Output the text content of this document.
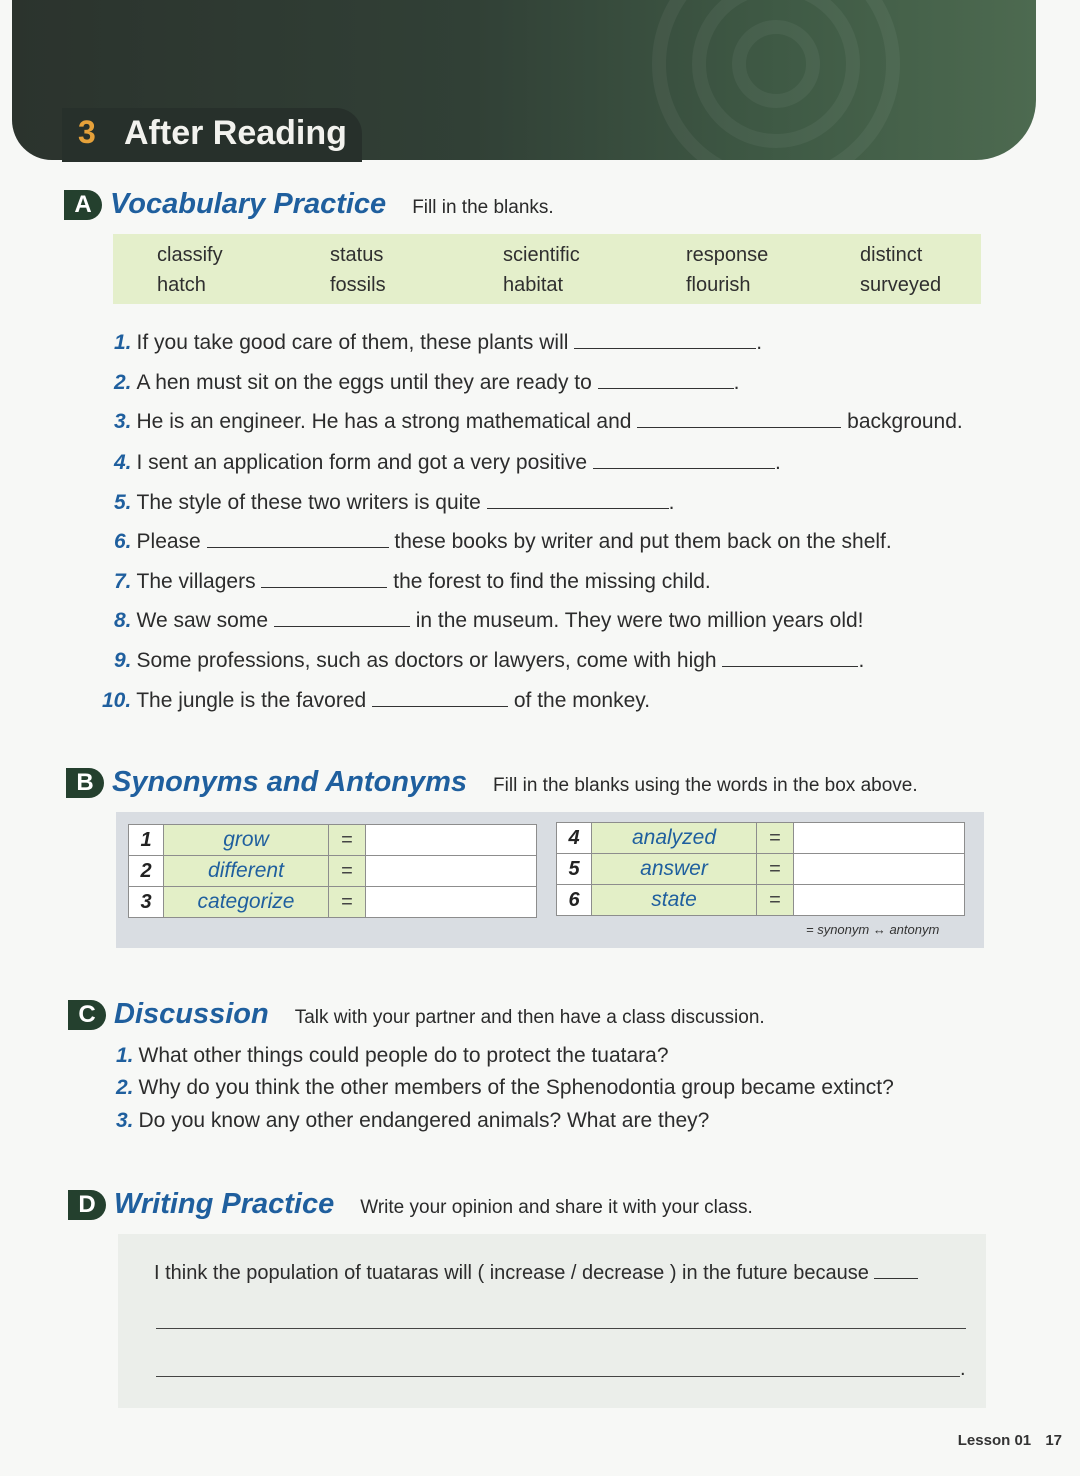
3 After Reading
A Vocabulary Practice Fill in the blanks.
classify	status	scientific	response	distinct
hatch	fossils	habitat	flourish	surveyed
1. If you take good care of them, these plants will	.
2. A hen must sit on the eggs until they are ready to	.
3. He is an engineer. He has a strong mathematical and	background.
4. I sent an application form and got a very positive	.
5. The style of these two writers is quite	.
6. Please	these books by writer and put them back on the shelf.
7. The villagers	the forest to find the missing child.
8. We saw some	in the museum. They were two million years old!
9. Some professions, such as doctors or lawyers, come with high	.
10. The jungle is the favored	of the monkey.
B Synonyms and Antonyms Fill in the blanks using the words in the box above.
1	grow	=	
2	different	=	
3	categorize	=	
4	analyzed	=	
5	answer	=	
6	state	=	
= synonym ↔ antonym
C Discussion Talk with your partner and then have a class discussion.
1. What other things could people do to protect the tuatara?
2. Why do you think the other members of the Sphenodontia group became extinct?
3. Do you know any other endangered animals? What are they?
D Writing Practice Write your opinion and share it with your class.
I think the population of tuataras will ( increase / decrease ) in the future because
.
Lesson 01 17
